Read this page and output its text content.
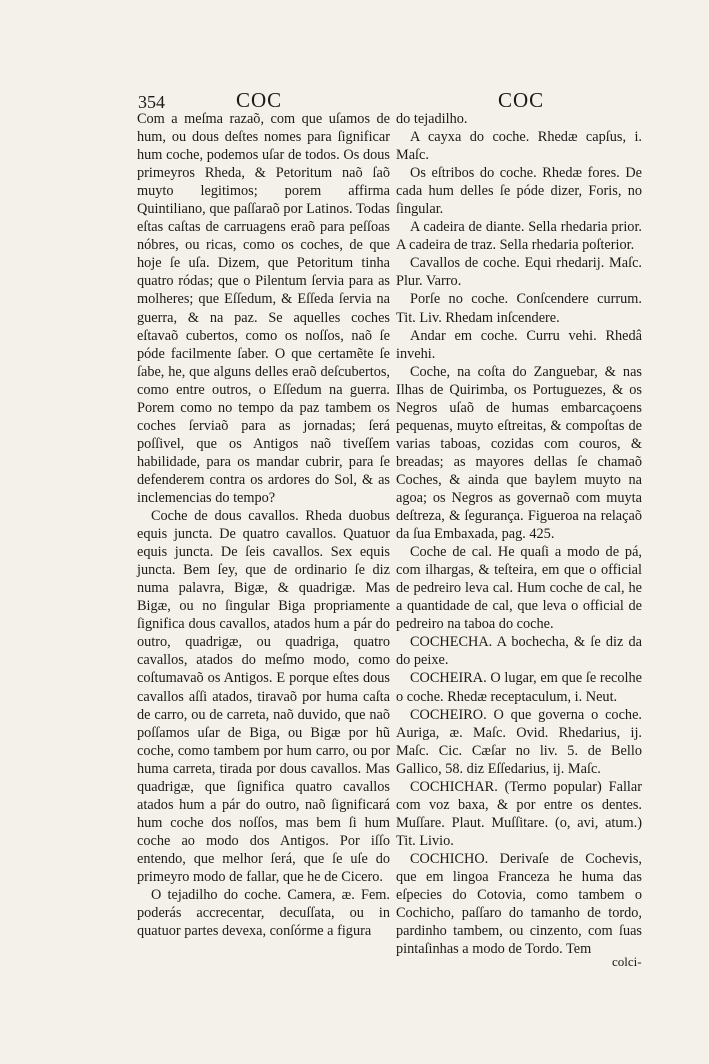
354	COC	COC

Com a meſma razaõ, com que uſamos de hum, ou dous deſtes nomes para ſignificar hum coche, podemos uſar de todos. Os dous primeyros Rheda, & Petoritum naõ ſaõ muyto legitimos; porem affirma Quintiliano, que paſſaraõ por Latinos. Todas eſtas caſtas de carruagens eraõ para peſſoas nóbres, ou ricas, como os coches, de que hoje ſe uſa. Dizem, que Petoritum tinha quatro ródas; que o Pilentum ſervia para as molheres; que Eſſedum, & Eſſeda ſervia na guerra, & na paz. Se aquelles coches eſtavaõ cubertos, como os noſſos, naõ ſe póde facilmente ſaber. O que certamẽte ſe ſabe, he, que alguns delles eraõ deſcubertos, como entre outros, o Eſſedum na guerra. Porem como no tempo da paz tambem os coches ſerviaõ para as jornadas; ſerá poſſivel, que os Antigos naõ tiveſſem habilidade, para os mandar cubrir, para ſe defenderem contra os ardores do Sol, & as inclemencias do tempo?

Coche de dous cavallos. Rheda duobus equis juncta. De quatro cavallos. Quatuor equis juncta. De ſeis cavallos. Sex equis juncta. Bem ſey, que de ordinario ſe diz numa palavra, Bigæ, & quadrigæ. Mas Bigæ, ou no ſingular Biga propriamente ſignifica dous cavallos, atados hum a pár do outro, quadrigæ, ou quadriga, quatro cavallos, atados do meſmo modo, como coſtumavaõ os Antigos. E porque eſtes dous cavallos aſſi atados, tiravaõ por huma caſta de carro, ou de carreta, naõ duvido, que naõ poſſamos uſar de Biga, ou Bigæ por hũ coche, como tambem por hum carro, ou por huma carreta, tirada por dous cavallos. Mas quadrigæ, que ſignifica quatro cavallos atados hum a pár do outro, naõ ſignificará hum coche dos noſſos, mas bem ſi hum coche ao modo dos Antigos. Por iſſo entendo, que melhor ſerá, que ſe uſe do primeyro modo de fallar, que he de Cicero.

O tejadilho do coche. Camera, æ. Fem. poderás accrecentar, decuſſata, ou in quatuor partes devexa, conſórme a figura

do tejadilho.

A cayxa do coche. Rhedæ capſus, i. Maſc.

Os eſtribos do coche. Rhedæ fores. De cada hum delles ſe póde dizer, Foris, no ſingular.

A cadeira de diante. Sella rhedaria prior. A cadeira de traz. Sella rhedaria poſterior.

Cavallos de coche. Equi rhedarij. Maſc. Plur. Varro.

Porſe no coche. Conſcendere currum. Tit. Liv. Rhedam inſcendere.

Andar em coche. Curru vehi. Rhedâ invehi.

Coche, na coſta do Zanguebar, & nas Ilhas de Quirimba, os Portuguezes, & os Negros uſaõ de humas embarcaçoens pequenas, muyto eſtreitas, & compoſtas de varias taboas, cozidas com couros, & breadas; as mayores dellas ſe chamaõ Coches, & ainda que baylem muyto na agoa; os Negros as governaõ com muyta deſtreza, & ſegurança. Figueroa na relaçaõ da ſua Embaxada, pag. 425.

Coche de cal. He quaſi a modo de pá, com ilhargas, & teſteira, em que o official de pedreiro leva cal. Hum coche de cal, he a quantidade de cal, que leva o official de pedreiro na taboa do coche.

COCHECHA. A bochecha, & ſe diz da do peixe.

COCHEIRA. O lugar, em que ſe recolhe o coche. Rhedæ receptaculum, i. Neut.

COCHEIRO. O que governa o coche. Auriga, æ. Maſc. Ovid. Rhedarius, ij. Maſc. Cic. Cæſar no liv. 5. de Bello Gallico, 58. diz Eſſedarius, ij. Maſc.

COCHICHAR. (Termo popular) Fallar com voz baxa, & por entre os dentes. Muſſare. Plaut. Muſſitare. (o, avi, atum.) Tit. Livio.

COCHICHO. Derivaſe de Cochevis, que em lingoa Franceza he huma das eſpecies do Cotovia, como tambem o Cochicho, paſſaro do tamanho de tordo, pardinho tambem, ou cinzento, com ſuas pintaſinhas a modo de Tordo. Tem

colci-
